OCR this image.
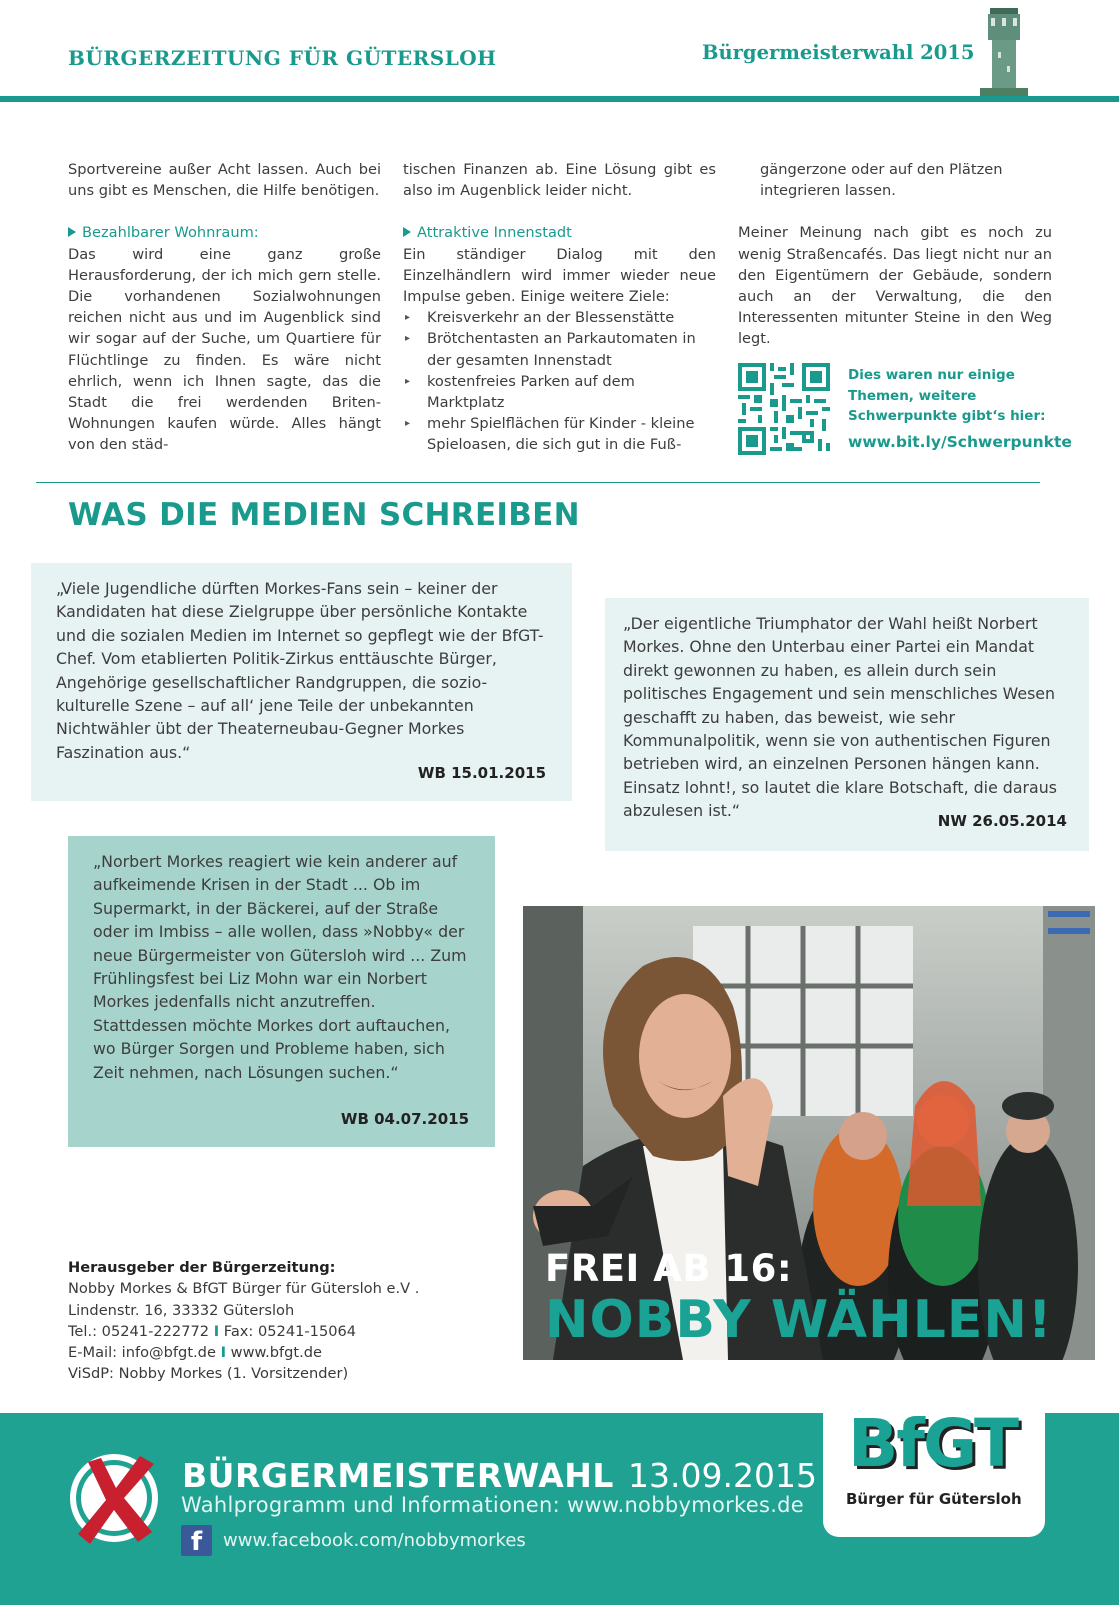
BÜRGERZEITUNG FÜR GÜTERSLOH	Bürgermeisterwahl 2015

Sportvereine außer Acht lassen. Auch bei uns gibt es Menschen, die Hilfe benötigen.

Bezahlbarer Wohnraum:

Das wird eine ganz große Herausforderung, der ich mich gern stelle. Die vorhandenen Sozialwohnungen reichen nicht aus und im Augenblick sind wir sogar auf der Suche, um Quartiere für Flüchtlinge zu finden. Es wäre nicht ehrlich, wenn ich Ihnen sagte, das die Stadt die frei werdenden Briten-Wohnungen kaufen würde. Alles hängt von den städ-

tischen Finanzen ab. Eine Lösung gibt es also im Augenblick leider nicht.

Attraktive Innenstadt

Ein ständiger Dialog mit den Einzelhändlern wird immer wieder neue Impulse geben. Einige weitere Ziele:

▸ Kreisverkehr an der Blessenstätte
▸ Brötchentasten an Parkautomaten in der gesamten Innenstadt
▸ kostenfreies Parken auf dem Marktplatz
▸ mehr Spielflächen für Kinder - kleine Spieloasen, die sich gut in die Fuß-

gängerzone oder auf den Plätzen integrieren lassen.

Meiner Meinung nach gibt es noch zu wenig Straßencafés. Das liegt nicht nur an den Eigentümern der Gebäude, sondern auch an der Verwaltung, die den Interessenten mitunter Steine in den Weg legt.

Dies waren nur einige Themen, weitere Schwerpunkte gibt‘s hier:
www.bit.ly/Schwerpunkte
WAS DIE MEDIEN SCHREIBEN
„Viele Jugendliche dürften Morkes-Fans sein – keiner der Kandidaten hat diese Zielgruppe über persönliche Kontakte und die sozialen Medien im Internet so gepflegt wie der BfGT-Chef. Vom etablierten Politik-Zirkus enttäuschte Bürger, Angehörige gesellschaftlicher Randgruppen, die sozio-kulturelle Szene – auf all‘ jene Teile der unbekannten Nichtwähler übt der Theaterneubau-Gegner Morkes Faszination aus.“
WB 15.01.2015
„Der eigentliche Triumphator der Wahl heißt Norbert Morkes. Ohne den Unterbau einer Partei ein Mandat direkt gewonnen zu haben, es allein durch sein politisches Engagement und sein menschliches Wesen geschafft zu haben, das beweist, wie sehr Kommunalpolitik, wenn sie von authentischen Figuren betrieben wird, an einzelnen Personen hängen kann. Einsatz lohnt!, so lautet die klare Botschaft, die daraus abzulesen ist.“
NW 26.05.2014
„Norbert Morkes reagiert wie kein anderer auf aufkeimende Krisen in der Stadt ... Ob im Supermarkt, in der Bäckerei, auf der Straße oder im Imbiss – alle wollen, dass »Nobby« der neue Bürgermeister von Gütersloh wird ... Zum Frühlingsfest bei Liz Mohn war ein Norbert Morkes jedenfalls nicht anzutreffen. Stattdessen möchte Morkes dort auftauchen, wo Bürger Sorgen und Probleme haben, sich Zeit nehmen, nach Lösungen suchen.“
WB 04.07.2015
FREI AB 16:
NOBBY WÄHLEN!
Herausgeber der Bürgerzeitung:
Nobby Morkes & BfGT Bürger für Gütersloh e.V .
Lindenstr. 16, 33332 Gütersloh
Tel.: 05241-222772 I Fax: 05241-15064
E-Mail: info@bfgt.de I www.bfgt.de
ViSdP: Nobby Morkes (1. Vorsitzender)
BÜRGERMEISTERWAHL 13.09.2015
Wahlprogramm und Informationen: www.nobbymorkes.de
f	www.facebook.com/nobbymorkes
BfGT
Bürger für Gütersloh
